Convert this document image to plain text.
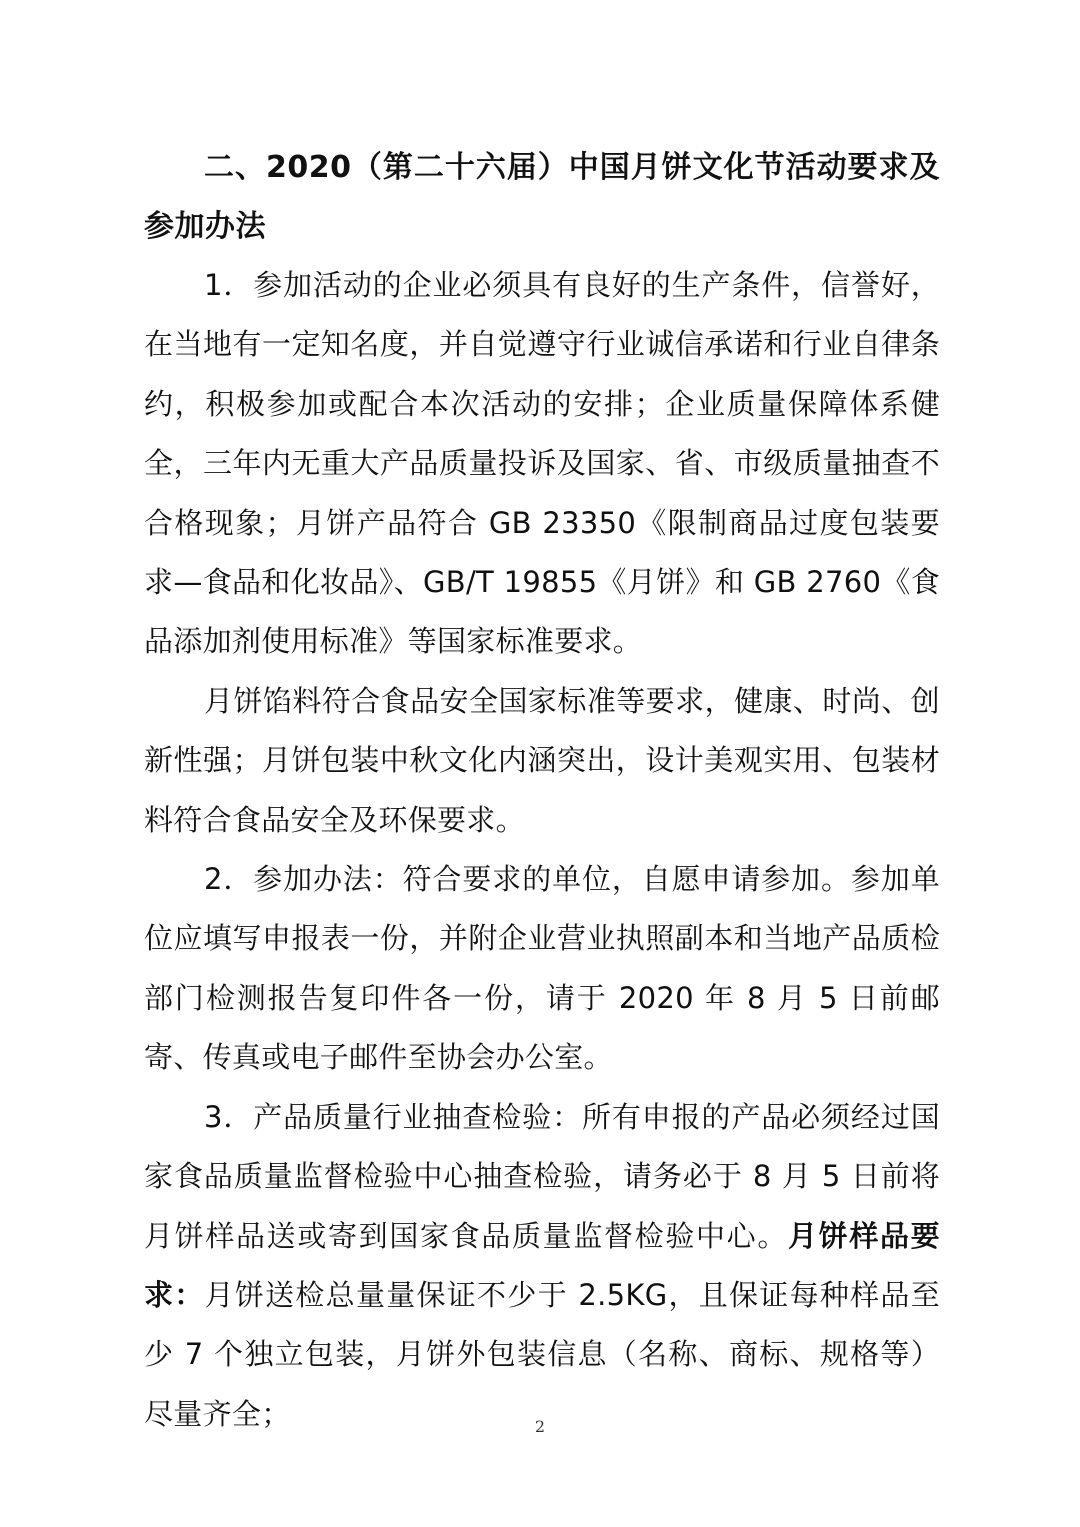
二、2020（第二十六届）中国月饼文化节活动要求及参加办法

1．参加活动的企业必须具有良好的生产条件，信誉好，在当地有一定知名度，并自觉遵守行业诚信承诺和行业自律条约，积极参加或配合本次活动的安排；企业质量保障体系健全，三年内无重大产品质量投诉及国家、省、市级质量抽查不合格现象；月饼产品符合 GB 23350《限制商品过度包装要求—食品和化妆品》、GB/T 19855《月饼》和 GB 2760《食品添加剂使用标准》等国家标准要求。

月饼馅料符合食品安全国家标准等要求，健康、时尚、创新性强；月饼包装中秋文化内涵突出，设计美观实用、包装材料符合食品安全及环保要求。

2．参加办法：符合要求的单位，自愿申请参加。参加单位应填写申报表一份，并附企业营业执照副本和当地产品质检部门检测报告复印件各一份，请于 2020 年 8 月 5 日前邮寄、传真或电子邮件至协会办公室。

3．产品质量行业抽查检验：所有申报的产品必须经过国家食品质量监督检验中心抽查检验，请务必于 8 月 5 日前将月饼样品送或寄到国家食品质量监督检验中心。月饼样品要求：月饼送检总量量保证不少于 2.5KG，且保证每种样品至少 7 个独立包装，月饼外包装信息（名称、商标、规格等）尽量齐全；	2
